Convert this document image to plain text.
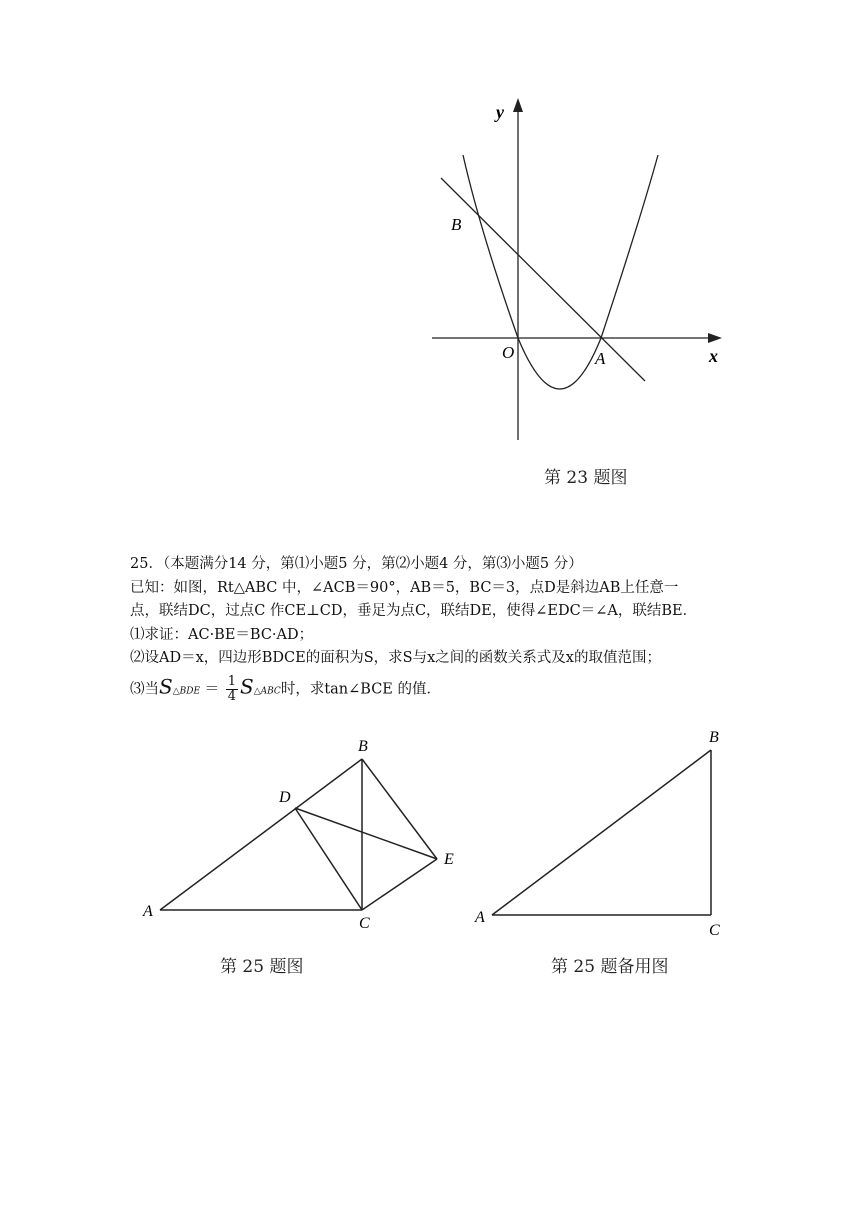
y
x
B
O	A
第 23 题图
25．（本题满分14 分，第⑴小题5 分，第⑵小题4 分，第⑶小题5 分）
已知：如图，Rt△ABC 中，∠ACB＝90°，AB＝5，BC＝3，点D是斜边AB上任意一
点，联结DC，过点C 作CE⊥CD，垂足为点C，联结DE，使得∠EDC＝∠A，联结BE．
⑴求证：AC·BE＝BC·AD；
⑵设AD＝x，四边形BDCE的面积为S，求S与x之间的函数关系式及x的取值范围；
⑶当S△BDE ＝ $\frac{1}{4}$ S△ABC时，求tan∠BCE 的值．
A
B
C
D
E
A
B
C
第 25 题图	第 25 题备用图
